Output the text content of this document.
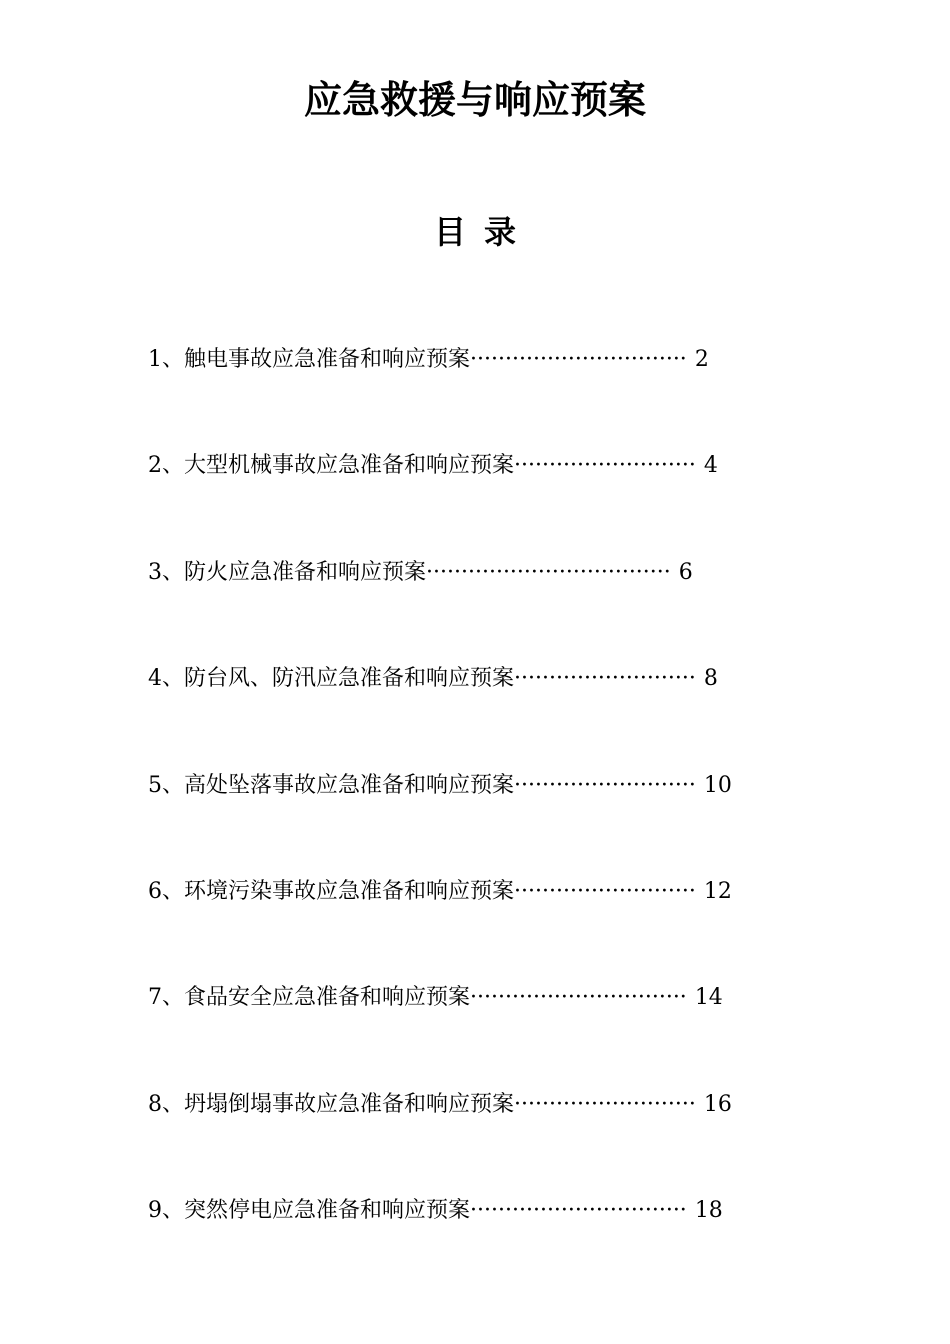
应急救援与响应预案
目 录
1、触电事故应急准备和响应预案······························· 2
2、大型机械事故应急准备和响应预案·························· 4
3、防火应急准备和响应预案··································· 6
4、防台风、防汛应急准备和响应预案·························· 8
5、高处坠落事故应急准备和响应预案·························· 10
6、环境污染事故应急准备和响应预案·························· 12
7、食品安全应急准备和响应预案······························· 14
8、坍塌倒塌事故应急准备和响应预案·························· 16
9、突然停电应急准备和响应预案······························· 18
